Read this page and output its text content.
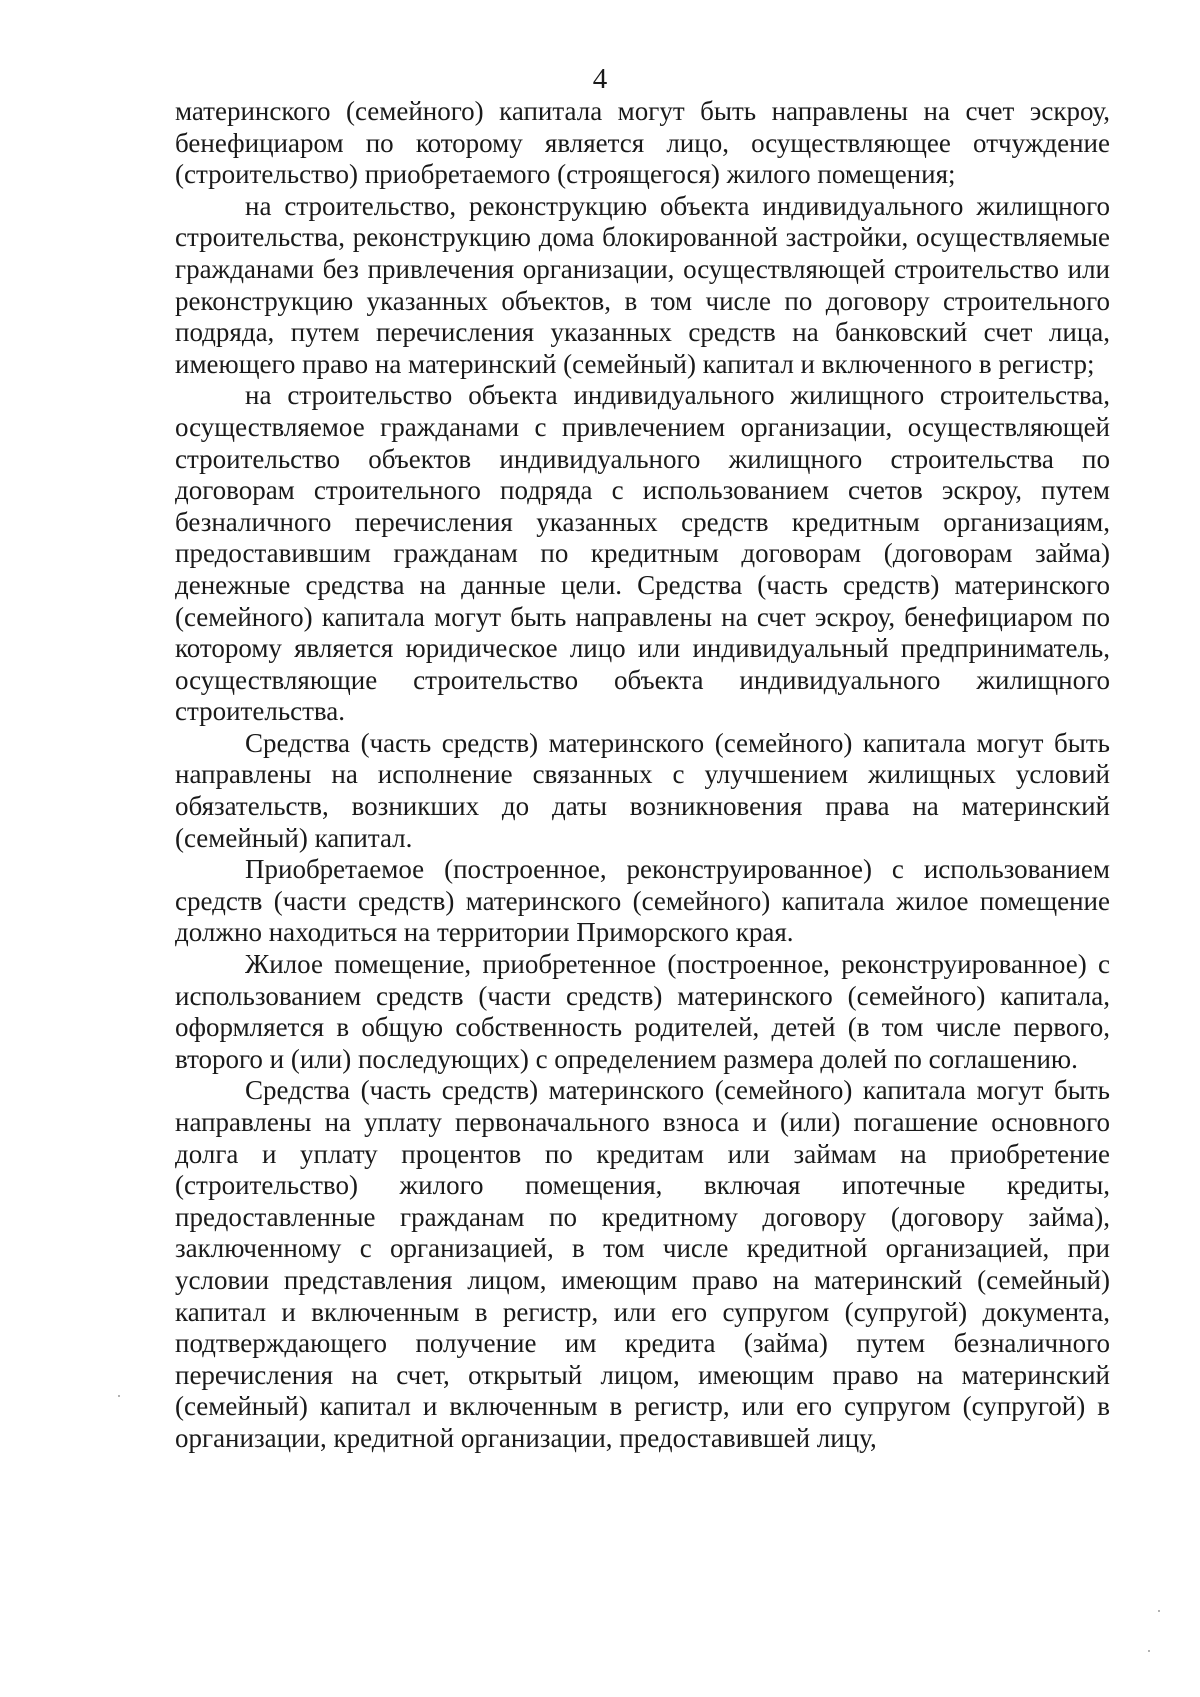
4

материнского (семейного) капитала могут быть направлены на счет эскроу, бенефициаром по которому является лицо, осуществляющее отчуждение (строительство) приобретаемого (строящегося) жилого помещения;

на строительство, реконструкцию объекта индивидуального жилищного строительства, реконструкцию дома блокированной застройки, осуществляемые гражданами без привлечения организации, осуществляющей строительство или реконструкцию указанных объектов, в том числе по договору строительного подряда, путем перечисления указанных средств на банковский счет лица, имеющего право на материнский (семейный) капитал и включенного в регистр;

на строительство объекта индивидуального жилищного строительства, осуществляемое гражданами с привлечением организации, осуществляющей строительство объектов индивидуального жилищного строительства по договорам строительного подряда с использованием счетов эскроу, путем безналичного перечисления указанных средств кредитным организациям, предоставившим гражданам по кредитным договорам (договорам займа) денежные средства на данные цели. Средства (часть средств) материнского (семейного) капитала могут быть направлены на счет эскроу, бенефициаром по которому является юридическое лицо или индивидуальный предприниматель, осуществляющие строительство объекта индивидуального жилищного строительства.

Средства (часть средств) материнского (семейного) капитала могут быть направлены на исполнение связанных с улучшением жилищных условий обязательств, возникших до даты возникновения права на материнский (семейный) капитал.

Приобретаемое (построенное, реконструированное) с использованием средств (части средств) материнского (семейного) капитала жилое помещение должно находиться на территории Приморского края.

Жилое помещение, приобретенное (построенное, реконструированное) с использованием средств (части средств) материнского (семейного) капитала, оформляется в общую собственность родителей, детей (в том числе первого, второго и (или) последующих) с определением размера долей по соглашению.

Средства (часть средств) материнского (семейного) капитала могут быть направлены на уплату первоначального взноса и (или) погашение основного долга и уплату процентов по кредитам или займам на приобретение (строительство) жилого помещения, включая ипотечные кредиты, предоставленные гражданам по кредитному договору (договору займа), заключенному с организацией, в том числе кредитной организацией, при условии представления лицом, имеющим право на материнский (семейный) капитал и включенным в регистр, или его супругом (супругой) документа, подтверждающего получение им кредита (займа) путем безналичного перечисления на счет, открытый лицом, имеющим право на материнский (семейный) капитал и включенным в регистр, или его супругом (супругой) в организации, кредитной организации, предоставившей лицу,
